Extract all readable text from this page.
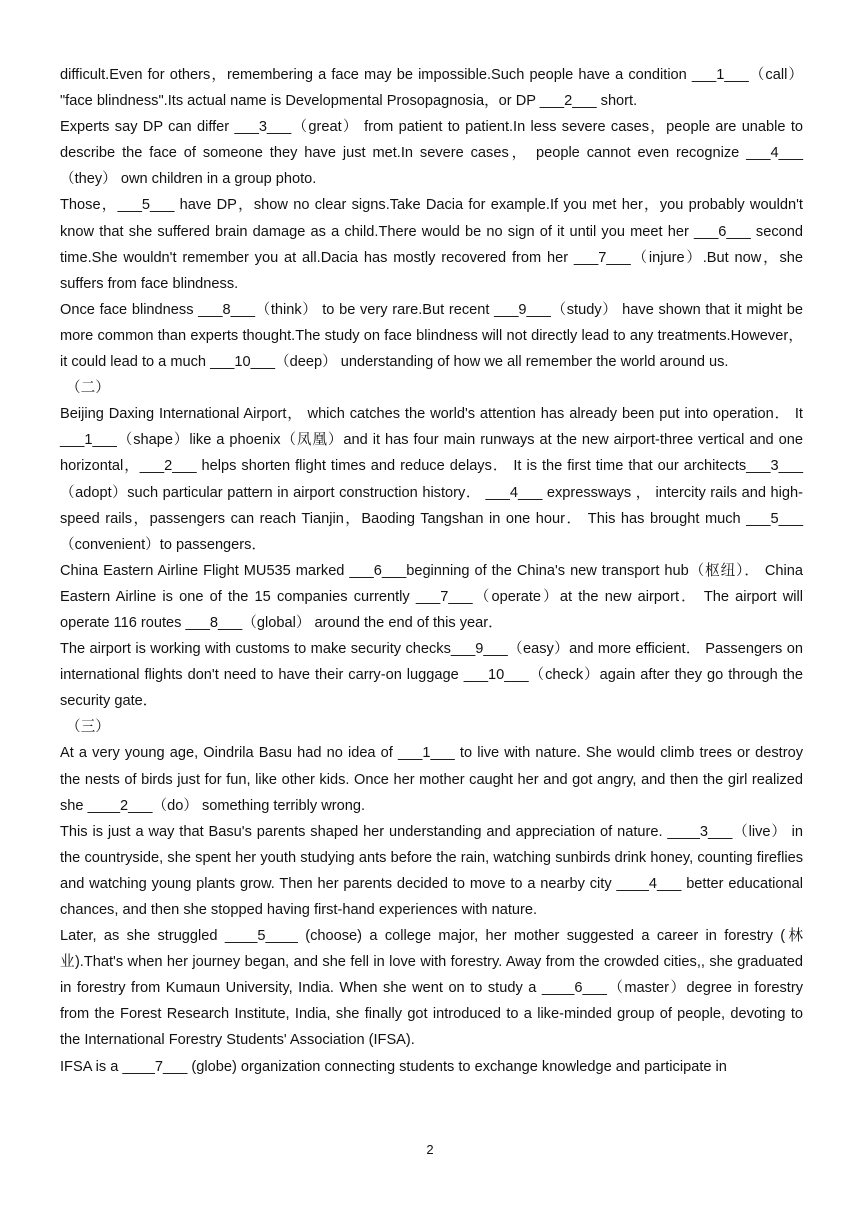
difficult.Even for others，remembering a face may be impossible.Such people have a condition ___1___（call） "face blindness".Its actual name is Developmental Prosopagnosia，or DP ___2___ short.

Experts say DP can differ ___3___（great） from patient to patient.In less severe cases，people are unable to describe the face of someone they have just met.In severe cases， people cannot even recognize ___4___（they） own children in a group photo.

Those，___5___ have DP，show no clear signs.Take Dacia for example.If you met her，you probably wouldn't know that she suffered brain damage as a child.There would be no sign of it until you meet her ___6___ second time.She wouldn't remember you at all.Dacia has mostly recovered from her ___7___（injure）.But now，she suffers from face blindness.

Once face blindness ___8___（think） to be very rare.But recent ___9___（study） have shown that it might be more common than experts thought.The study on face blindness will not directly lead to any treatments.However， it could lead to a much ___10___（deep） understanding of how we all remember the world around us.

（二）

Beijing Daxing International Airport， which catches the world's attention has already been put into operation． It ___1___（shape）like a phoenix（凤凰）and it has four main runways at the new airport-three vertical and one horizontal，___2___ helps shorten flight times and reduce delays． It is the first time that our architects___3___（adopt）such particular pattern in airport construction history． ___4___ expressways ， intercity rails and high-speed rails，passengers can reach Tianjin，Baoding Tangshan in one hour． This has brought much ___5___（convenient）to passengers．

China Eastern Airline Flight MU535 marked ___6___beginning of the China's new transport hub（枢纽）． China Eastern Airline is one of the 15 companies currently ___7___（operate）at the new airport． The airport will operate 116 routes ___8___（global） around the end of this year．

The airport is working with customs to make security checks___9___（easy）and more efficient． Passengers on international flights don't need to have their carry-on luggage ___10___（check）again after they go through the security gate．

（三）

At a very young age, Oindrila Basu had no idea of ___1___ to live with nature. She would climb trees or destroy the nests of birds just for fun, like other kids. Once her mother caught her and got angry, and then the girl realized she ____2___（do） something terribly wrong.

This is just a way that Basu's parents shaped her understanding and appreciation of nature. ____3___（live） in the countryside, she spent her youth studying ants before the rain, watching sunbirds drink honey, counting fireflies and watching young plants grow. Then her parents decided to move to a nearby city ____4___ better educational chances, and then she stopped having first-hand experiences with nature.

Later, as she struggled ____5____ (choose) a college major, her mother suggested a career in forestry (林业).That's when her journey began, and she fell in love with forestry. Away from the crowded cities,, she graduated in forestry from Kumaun University, India. When she went on to study a ____6___（master）degree in forestry from the Forest Research Institute, India, she finally got introduced to a like-minded group of people, devoting to the International Forestry Students' Association (IFSA).

IFSA is a ____7___ (globe) organization connecting students to exchange knowledge and participate in

2
